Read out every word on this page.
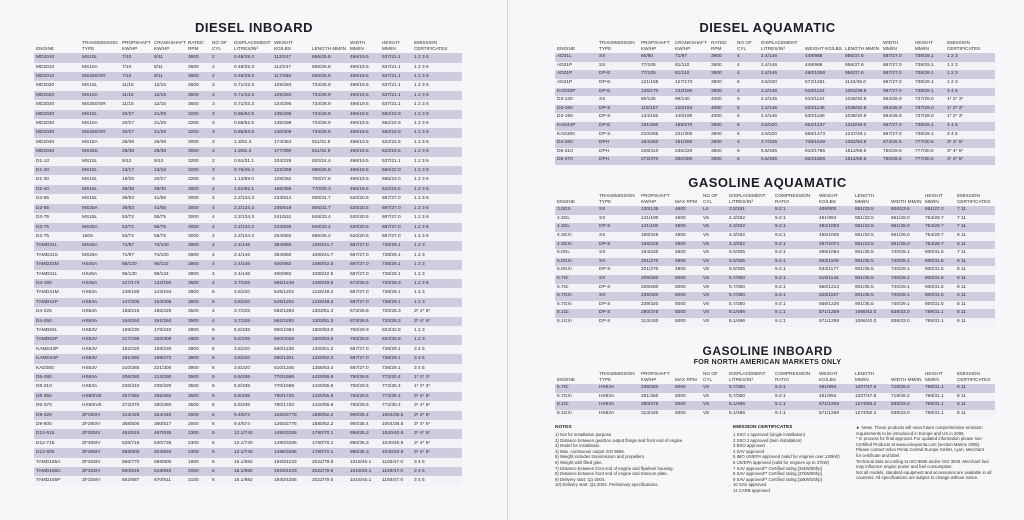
DIESEL INBOARD
ENGINE	TRANSMISSION TYPE	PROPSHAFT KW/HP	CRANKSHAFT KW/HP	RATED RPM	NO OF CYL	DISPLACEMENT LITRES/IN³	WEIGHT KG/LBS	LENGTH MM/IN	WIDTH MM/IN	HEIGHT MM/IN	EMISSION CERTIFICATES
MD2010	MS10L	7/10	8/11	3600	2	0.48/29.3	112/247	656/25.8	496/19.5	537/21.1	1 2 3 6
MD2010	MS10A	7/10	8/11	3600	2	0.48/29.3	112/247	656/25.8	496/19.5	537/21.1	1 2 3 6
MD2010	MS25S/SR	7/10	8/11	3600	2	0.48/29.3	117/258	656/25.8	496/19.5	537/21.1	1 2 3 6
MD2020	MS10L	11/15	12/16	3600	3	0.71/43.3	129/284	734/28.9	496/19.5	537/21.1	1 2 3 6
MD2020	MS10A	11/15	12/16	3600	3	0.71/43.3	129/284	734/28.9	496/19.5	537/21.1	1 2 3 6
MD2020	MS25S/SR	11/15	12/16	3600	3	0.71/43.3	134/295	734/28.9	496/19.5	537/21.1	1 2 3 6
MD2030	MS10L	20/27	21/29	3200	3	0.86/52.5	135/298	734/28.9	496/19.5	582/22.9	1 2 3 6
MD2030	MS10A	20/27	21/29	3200	3	0.86/52.5	135/298	734/28.9	496/19.5	582/22.9	1 2 3 6
MD2030	MS25S/SR	20/27	21/29	3200	3	0.86/52.5	140/309	734/28.9	496/19.5	582/22.9	1 2 3 6
MD2040	MS15A	28/38	29/39	3000	3	1.3/81.3	174/384	811/31.9	496/19.5	622/24.5	1 2 3 6
MD2040	MS25S	28/38	29/39	3000	3	1.3/81.3	177/390	811/31.9	496/19.5	622/24.5	1 2 3 6
D1-13	MS10L	9/12	9/13	3200	2	0.51/31.1	104/229	620/24.4	496/19.5	537/21.1	1 2 3 6
D1-20	MS10L	13/17	13/18	3200	3	0.76/46.4	122/269	680/26.8	496/19.5	560/22.0	1 2 3 6
D1-30	MS10L	19/26	20/27	3200	3	1.13/69.0	128/282	700/27.6	496/19.5	585/23.0	1 2 3 6

D2-40	MS15L	28/38	29/40	3000	4	1.51/92.1	166/366	770/30.3	496/19.5	622/24.5	1 2 3 6

D2-55	MS15L	39/53	41/55	3000	4	2.2/134.3	233/514	805/31.7	520/20.5	687/27.0	1 2 3 6
D2-55	MS25A	39/53	41/55	3000	4	2.2/134.3	235/518	805/31.7	520/20.5	687/27.0	1 2 3 6

D2-75	MS15L	53/72	55/75	3000	4	2.2/134.3	241/531	848/33.4	520/20.5	687/27.0	1 2 3 6

D2-75	MS25A	53/72	55/75	3000	4	2.2/134.3	243/536	848/33.4	520/20.5	687/27.0	1 2 3 6

D2-75	150S	53/72	55/75	3000	4	2.2/134.3	254/560	895/35.2	520/20.5	687/27.0	1 2 3 6
TAMD31L	MS25A	71/97	74/100	3900	4	2.4/146	384/850	1060/41.7	687/27.0	738/29.1	1 2 3
TAMD31S	MS25A	71/97	74/100	3900	4	2.4/146	384/850	1060/41.7	687/27.0	738/29.1	1 2 3
TAMD31M	HS45A	88/120	90/122	3800	4	2.4/146	400/882	1080/42.5	687/27.0	738/29.1	1 2 3
TAMD31L	HS45A	96/130	98/134	3800	4	2.4/146	400/882	1080/42.5	687/27.0	738/29.1	1 2 3

D4-180	HS45A	127/173	132/180	3500	4	3.7/226	566/1248	1260/49.6	673/26.5	720/28.3	1 2 3 6
TAMD41M	HS63A	138/188	143/194	3800	6	3.6/220	545/1202	1225/48.2	687/27.0	738/29.1	1 2 3
TAMD41P	HS63A	147/200	153/208	3800	6	3.6/220	545/1202	1225/48.2	687/27.0	738/29.1	1 2 3

D4-225	HS63A	158/215	165/225	3500	4	3.7/226	582/1283	1303/51.3	673/26.5	720/28.3	3* 4* 5*

D4-260	HS63A	184/250	191/260	3500	4	3.7/226	582/1283	1303/51.3	673/26.5	720/28.3	3* 4* 5*
TAMD63L	HS63V	169/230	176/240	2800	6	5.5/336	900/1984	1600/63.0	760/29.9	834/32.8	1 2 3
TAMD63P	HS63V	217/295	226/308	2800	6	5.5/336	920/2028	1600/63.0	760/29.9	834/32.8	1 2 3
KAMD43P	HS63V	162/220	169/230	3800	6	3.6/220	560/1235	1300/51.2	687/27.0	738/29.1	3 4 5
KAMD44P	HS63V	191/260	199/270	3900	6	3.6/220	590/1301	1320/52.0	687/27.0	738/29.1	3 4 5
KAD300	HS63V	210/285	221/300	3900	6	3.6/220	610/1345	1356/53.4	687/27.0	738/29.1	3 4 5

D6-280	HS63A	206/280	213/290	3500	6	5.5/336	770/1698	1420/55.9	750/29.5	772/30.4	1* 2* 3*

D6-310	HS63A	228/310	235/320	3500	6	5.5/336	770/1698	1420/55.9	750/29.5	772/30.4	1* 2* 3*

D6-350	HS80IVE	257/350	265/360	3500	6	5.5/336	780/1720	1420/55.9	750/29.5	772/30.4	3* 4* 5*

D6-370	HS80IVE	272/370	280/380	3500	6	5.5/336	780/1720	1420/55.9	750/29.5	772/30.4	3* 4* 5*
D9-425	ZF280IV	313/425	324/440	2600	6	9.4/574	1260/2778	1580/62.2	900/35.4	1004/39.5	3* 4* 5*
D9-500	ZF280IV	368/500	380/517	2600	6	9.4/574	1260/2778	1580/62.2	900/35.4	1004/39.5	3* 4* 5*
D12-615	ZF305IV	452/615	467/635	2300	6	12.1/740	1490/3285	1780/70.1	896/35.3	1040/40.9	3* 4* 5*
D12-715	ZF305IV	526/715	540/735	2300	6	12.1/740	1490/3285	1780/70.1	896/35.3	1040/40.9	3* 4* 5*
D12-800	ZF305IV	588/800	603/820	2300	6	12.1/740	1495/3296	1780/70.1	896/35.3	1040/40.9	3* 4* 5*
TAMD165A	ZF325IV	566/770	588/800	1900	6	16.1/982	1920/4233	2022/79.6	1018/40.1	1193/47.0	3 4 5
TAMD165C	ZF325IV	600/816	618/840	2000	6	16.1/982	1920/4233	2022/79.6	1018/40.1	1193/47.0	3 4 5
TAMD165P	ZF325IV	652/887	670/911	2100	6	16.1/982	1930/4255	2022/79.6	1018/40.1	1193/47.0	3 4 5
DIESEL AQUAMATIC
ENGINE	TRANSMISSION TYPE	PROPSHAFT KW/HP	CRANKSHAFT KW/HP	RATED RPM	NO OF CYL	DISPLACEMENT LITRES/IN³	WEIGHT KG/LBS	LENGTH MM/IN	WIDTH MM/IN	HEIGHT MM/IN	EMISSION CERTIFICATES
AD31L	SX	66/90	71/97	3900	4	2.4/146	448/988	956/37.6	687/27.0	738/29.1	1 2 3
AD31P	SX	77/105	81/110	3900	4	2.4/146	448/988	956/37.6	687/27.0	738/29.1	1 2 3
AD31P	DP-E	77/105	81/110	3900	4	2.4/146	480/1058	956/37.6	687/27.0	738/29.1	1 2 3
AD41P	DP-E	121/165	127/173	3800	6	3.6/220	572/1261	1142/45.0	687/27.0	738/29.1	1 2 3
KAD32P	DP-E	125/170	132/180	3900	4	2.4/146	510/1124	1003/39.5	687/27.0	738/29.1	3 4 5

D3-130	SX	90/125	96/130	4000	5	2.4/146	510/1124	1038/40.9	684/26.9	737/29.0	1* 2* 3*

D3-160	DP-S	115/157	120/163	4000	5	2.4/146	520/1146	1038/40.9	684/26.9	737/29.0	1* 2* 3*

D3-190	DP-S	134/182	140/190	4000	5	2.4/146	530/1168	1038/40.9	684/26.9	737/29.0	1* 2* 3*
KAD44P	DP-E	191/260	199/270	3900	6	3.6/220	652/1437	1218/48.0	687/27.0	738/29.1	3 4 5
KAD300	DP-S	210/285	221/300	3900	6	3.6/220	668/1473	1247/49.1	687/27.0	738/29.1	3 4 5

D4-260	DPH	184/250	191/260	3500	4	3.7/226	748/1649	1392/54.8	673/26.5	777/30.6	3* 4* 5*

D6-310	DPH	228/310	235/320	3500	6	5.5/336	810/1786	1512/59.5	750/29.5	777/30.6	3* 4* 5*

D6-370	DPH	272/370	280/380	3500	6	5.5/336	820/1808	1512/59.5	750/29.5	777/30.6	3* 4* 5*
GASOLINE AQUAMATIC
ENGINE	TRANSMISSION TYPE	PROPSHAFT KW/HP	MAX RPM	NO OF CYL	DISPLACEMENT LITRES/IN³	COMPRESSION RATIO	WEIGHT KG/LBS	LENGTH MM/IN	WIDTH MM/IN	HEIGHT MM/IN	EMISSION CERTIFICATES
3.0GS	SX	100/135	4600	L4	3.0/181	9.2:1	408/900	851/33.5	600/23.6	691/27.2	7 11
4.3GL	SX	141/190	4600	V6	4.3/262	9.4:1	451/994	851/33.5	661/26.0	754/29.7	7 11
4.3GL	DP-S	141/190	4600	V6	4.3/262	9.4:1	482/1063	851/33.5	661/26.0	754/29.7	7 11
4.3GXi	SX	168/225	4800	V6	4.3/262	9.4:1	456/1005	851/33.5	661/26.0	754/29.7	8 11
4.3GXi	DP-S	168/225	4800	V6	4.3/262	9.4:1	487/1074	851/33.5	661/26.0	754/29.7	8 11
5.0GL	SX	164/220	4600	V8	5.0/305	9.4:1	496/1094	901/35.5	740/29.1	800/31.5	7 11
5.0GXi	SX	201/270	4800	V8	5.0/305	9.4:1	503/1109	901/35.5	740/29.1	800/31.5	8 11
5.0GXi	DP-S	201/270	4800	V8	5.0/305	9.4:1	534/1177	901/35.5	740/29.1	800/31.5	8 11
5.7Gi	SX	209/280	5000	V8	5.7/350	9.4:1	519/1144	901/35.5	740/29.1	800/31.5	8 11
5.7Gi	DP-S	209/280	5000	V8	5.7/350	9.4:1	550/1213	901/35.5	740/29.1	800/31.5	8 11
5.7GXi	SX	239/320	5000	V8	5.7/350	9.4:1	525/1157	901/35.5	740/29.1	800/31.5	8 11
5.7GXi	DP-S	239/320	5000	V8	5.7/350	9.4:1	556/1226	901/35.5	740/29.1	800/31.5	8 11
8.1Gi	DP-S	280/375	5000	V8	8.1/496	9.1:1	571/1259	1066/42.0	838/33.0	789/31.1	8 11
8.1GXi	DP-S	313/420	5000	V8	8.1/496	9.1:1	571/1259	1066/42.0	838/33.0	789/31.1	8 11
GASOLINE INBOARD
FOR NORTH AMERICAN MARKETS ONLY
ENGINE	TRANSMISSION TYPE	PROPSHAFT KW/HP	MAX RPM	NO OF CYL	DISPLACEMENT LITRES/IN³	COMPRESSION RATIO	WEIGHT KG/LBS	LENGTH MM/IN	WIDTH MM/IN	HEIGHT MM/IN	EMISSION CERTIFICATES
5.7Gi	HS63A	239/320	5000	V8	5.7/350	9.4:1	451/994	1207/47.5	718/28.2	789/31.1	8 11
5.7GXi	HS63A	261/350	5000	V8	5.7/350	9.4:1	451/994	1207/47.5	718/28.2	789/31.1	8 11
8.1Gi	HS63A	280/375	5000	V8	8.1/496	9.1:1	571/1259	1274/50.2	838/33.0	789/31.1	8 11
8.1GXi	HS63A	313/420	5000	V8	8.1/496	9.1:1	571/1259	1274/50.2	838/33.0	789/31.1	8 11
NOTES
1) Not for installation purpose.
2) Distance between gearbox output flange and front end of engine.
3) Model for installation.
4) Max. continuous output ISO 8665.
5) Weight includes transmission and propellers.
6) Weight with filled glee.
7) Distance between front end of engine and flywheel housing.
8) Distance between front end of engine and transom plate.
9) Delivery start: Q1-2004.
10) Delivery start: Q1-2004. Preliminary specifications.
EMISSION CERTIFICATES
1 SSO 1 approved (single installation)
2 SSO 2 approved (twin installation)
3 BSO approved
4 SAV approved
5 IMO US/EPA approved (valid for engines over 130kW)
6 US/EPA approved (valid for engines up to 37kW)
7 SAV approved** Certified rating [34kW/50hp]
8 SAV approved** Certified rating [37kW/50hp]
9 SAV approved** Certified rating [18kW/25hp]
10 SAV approved
11 CARB approved
► News. These products will meet future comprehensive emission
requirements to be introduced in Europe and US in 2006.
* In process for final approval. For updated information please see:
Certified Products at www.volvopenta.com (section Marine 2006).
Please contact Volvo Penta Central Europe GmbH, Lyon, Merchant
for certificate and label.
Technical data according to ISO 8665 and/or ISO 3046. Merchant fuel
may influence engine power and fuel consumption.
Not all models, standard equipment and accessories are available in all
countries. All specifications are subject to change without notice.
